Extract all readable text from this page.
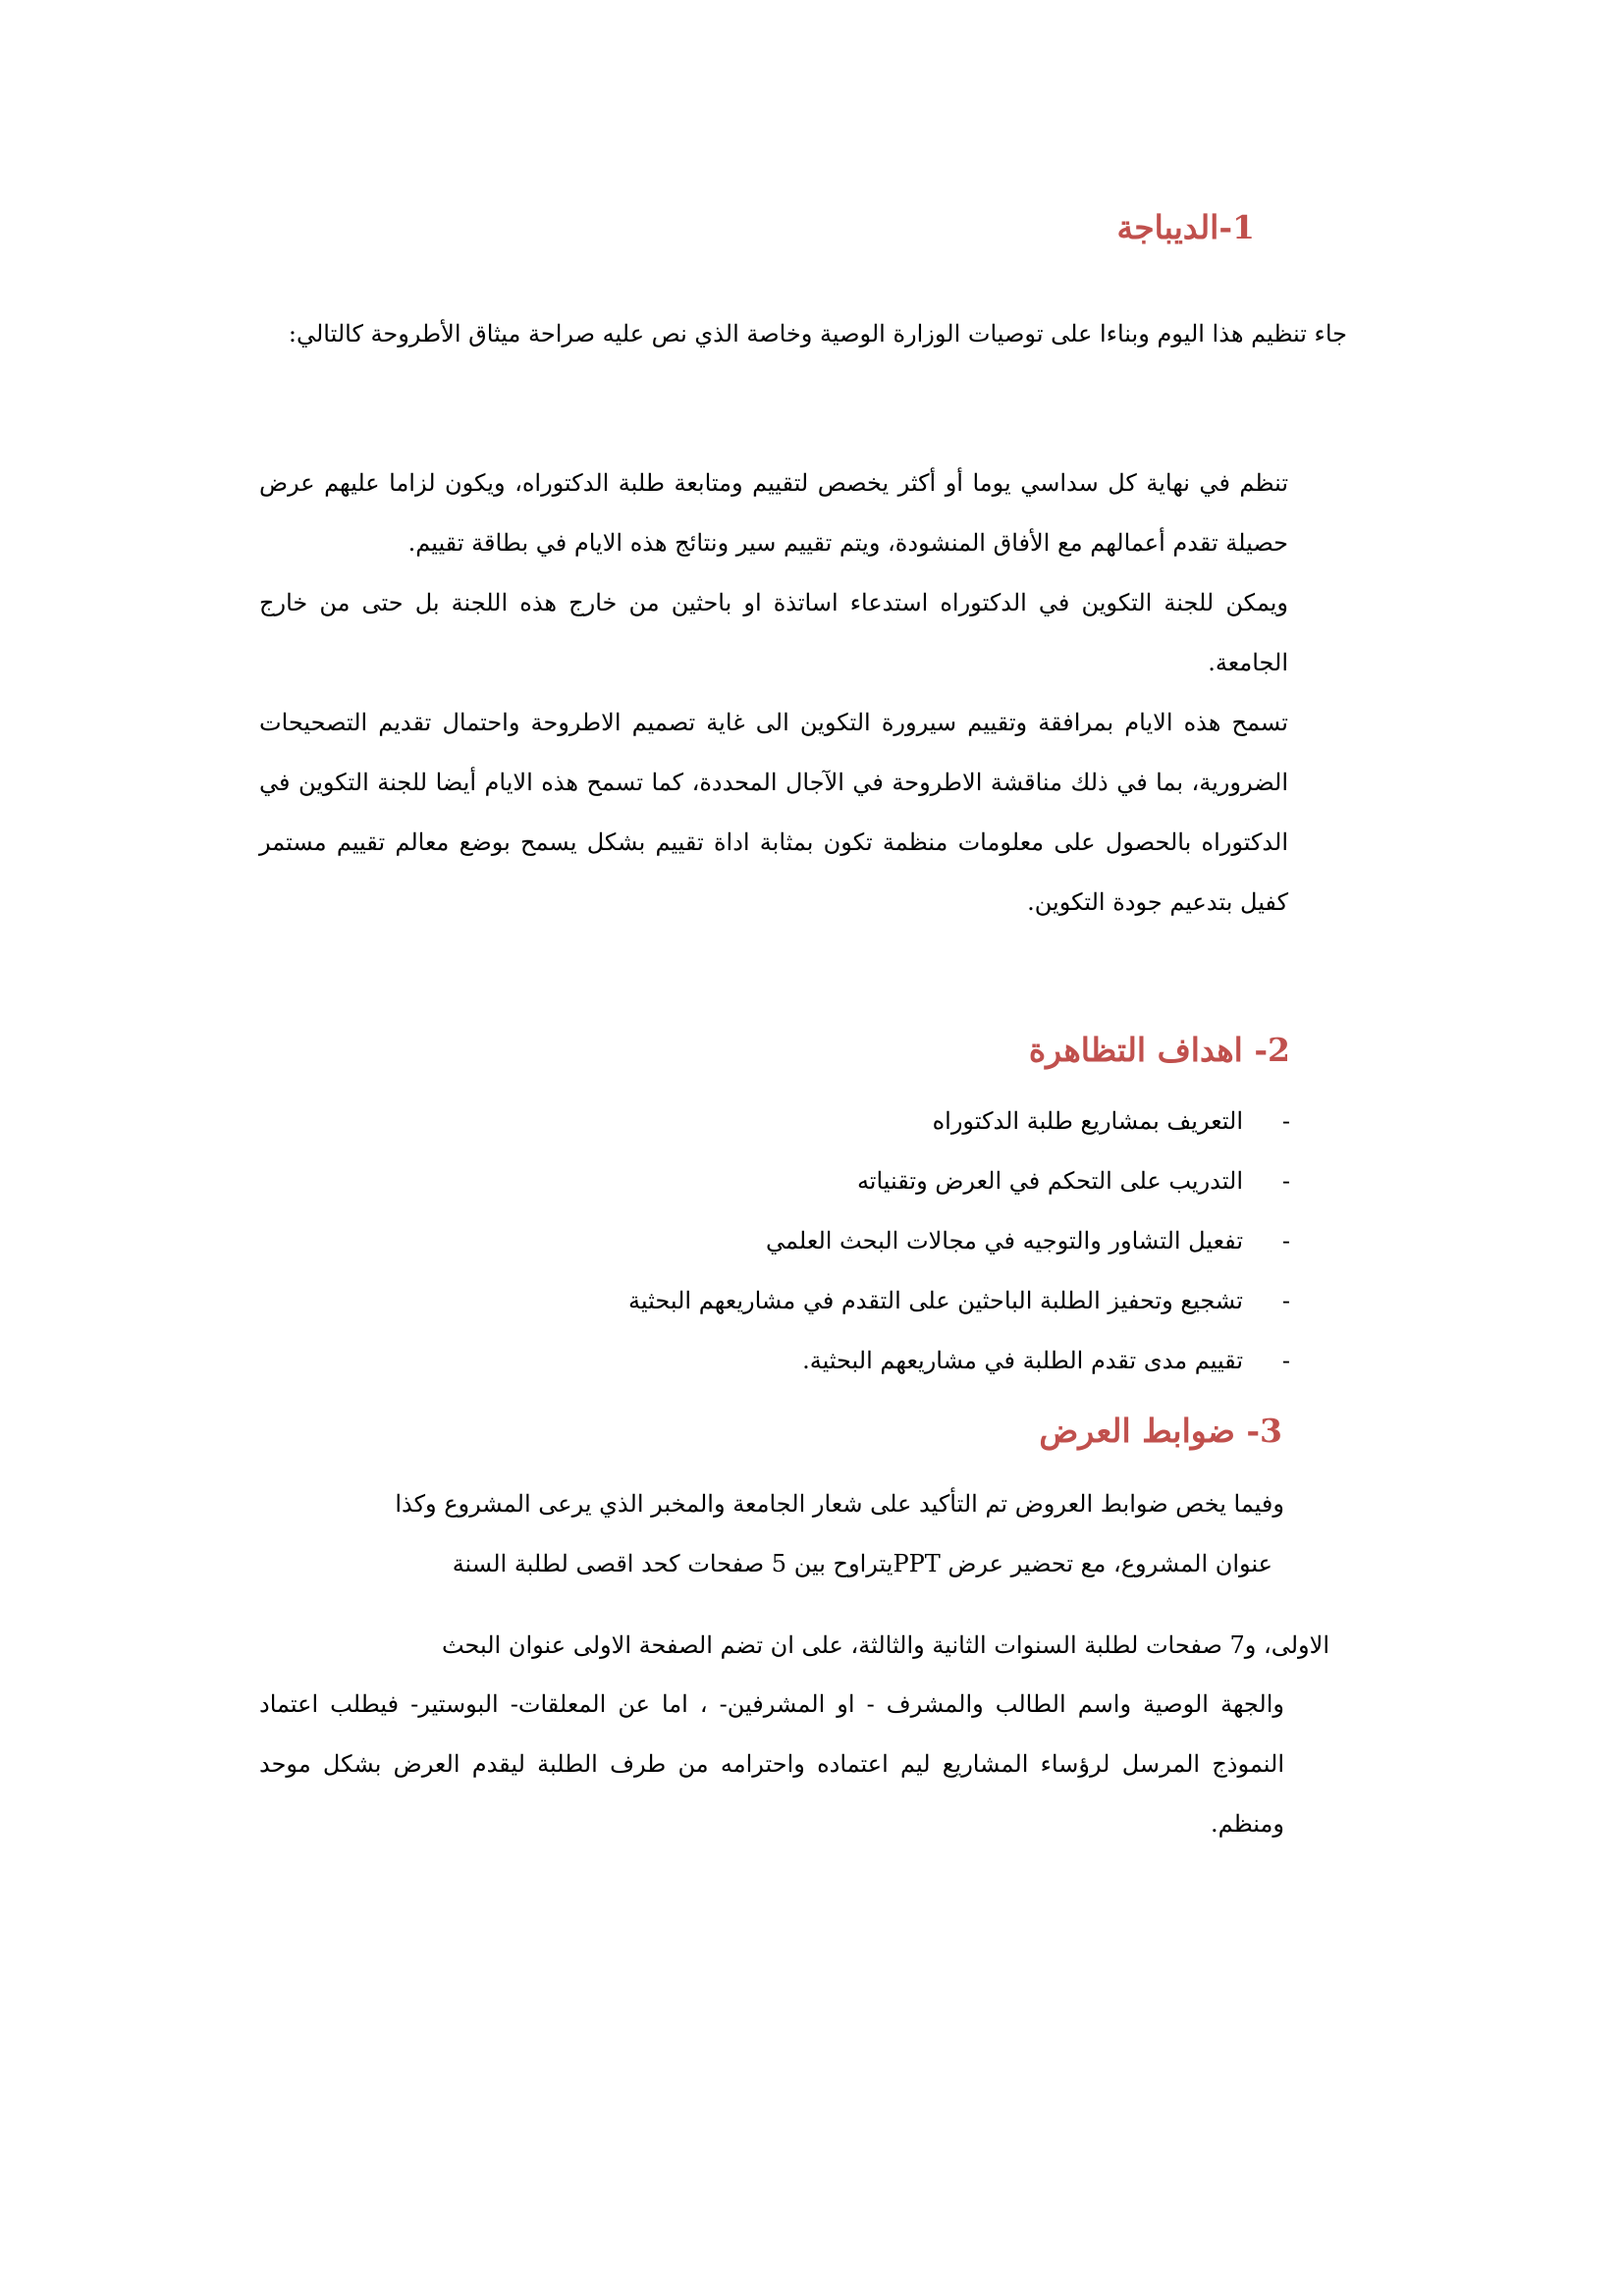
1-الديباجة

جاء تنظيم هذا اليوم وبناءا على توصيات الوزارة الوصية وخاصة الذي نص عليه صراحة ميثاق الأطروحة كالتالي:

تنظم في نهاية كل سداسي يوما أو أكثر يخصص لتقييم ومتابعة طلبة الدكتوراه، ويكون لزاما عليهم عرض حصيلة تقدم أعمالهم مع الأفاق المنشودة، ويتم تقييم سير ونتائج هذه الايام في بطاقة تقييم.

ويمكن للجنة التكوين في الدكتوراه استدعاء اساتذة او باحثين من خارج هذه اللجنة بل حتى من خارج الجامعة.

تسمح هذه الايام بمرافقة وتقييم سيرورة التكوين الى غاية تصميم الاطروحة واحتمال تقديم التصحيحات الضرورية، بما في ذلك مناقشة الاطروحة في الآجال المحددة، كما تسمح هذه الايام أيضا للجنة التكوين في الدكتوراه بالحصول على معلومات منظمة تكون بمثابة اداة تقييم بشكل يسمح بوضع معالم تقييم مستمر كفيل بتدعيم جودة التكوين.

2- اهداف التظاهرة
-
التعريف بمشاريع طلبة الدكتوراه
-
التدريب على التحكم في العرض وتقنياته
-
تفعيل التشاور والتوجيه في مجالات البحث العلمي
-
تشجيع وتحفيز الطلبة الباحثين على التقدم في مشاريعهم البحثية
-
تقييم مدى تقدم الطلبة في مشاريعهم البحثية.
3- ضوابط العرض

وفيما يخص ضوابط العروض تم التأكيد على شعار الجامعة والمخبر الذي يرعى المشروع وكذا

عنوان المشروع، مع تحضير عرض PPTيتراوح بين 5 صفحات كحد اقصى لطلبة السنة

الاولى، و7 صفحات لطلبة السنوات الثانية والثالثة، على ان تضم الصفحة الاولى عنوان البحث

والجهة الوصية واسم الطالب والمشرف - او المشرفين- ، اما عن المعلقات- البوستير- فيطلب اعتماد النموذج المرسل لرؤساء المشاريع ليم اعتماده واحترامه من طرف الطلبة ليقدم العرض بشكل موحد ومنظم.
